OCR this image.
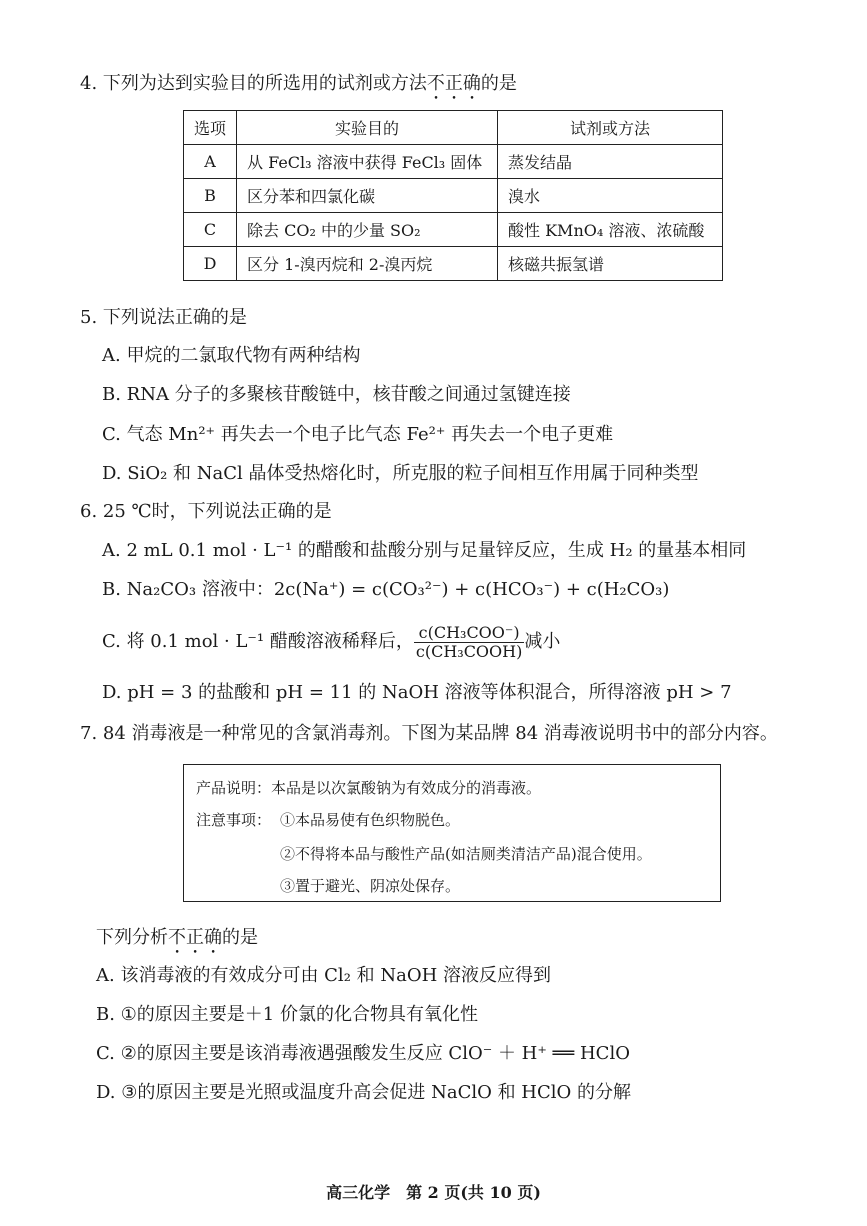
4. 下列为达到实验目的所选用的试剂或方法不正确的是
选项	实验目的	试剂或方法
A	从 FeCl₃ 溶液中获得 FeCl₃ 固体	蒸发结晶
B	区分苯和四氯化碳	溴水
C	除去 CO₂ 中的少量 SO₂	酸性 KMnO₄ 溶液、浓硫酸
D	区分 1-溴丙烷和 2-溴丙烷	核磁共振氢谱
5. 下列说法正确的是
A. 甲烷的二氯取代物有两种结构
B. RNA 分子的多聚核苷酸链中，核苷酸之间通过氢键连接
C. 气态 Mn²⁺ 再失去一个电子比气态 Fe²⁺ 再失去一个电子更难
D. SiO₂ 和 NaCl 晶体受热熔化时，所克服的粒子间相互作用属于同种类型
6. 25 ℃时，下列说法正确的是
A. 2 mL 0.1 mol · L⁻¹ 的醋酸和盐酸分别与足量锌反应，生成 H₂ 的量基本相同
B. Na₂CO₃ 溶液中：2c(Na⁺) = c(CO₃²⁻) + c(HCO₃⁻) + c(H₂CO₃)
C. 将 0.1 mol · L⁻¹ 醋酸溶液稀释后， $\frac{\text{c(CH₃COO⁻)}}{\text{c(CH₃COOH)}}$ 减小
D. pH = 3 的盐酸和 pH = 11 的 NaOH 溶液等体积混合，所得溶液 pH > 7
7. 84 消毒液是一种常见的含氯消毒剂。下图为某品牌 84 消毒液说明书中的部分内容。
产品说明：本品是以次氯酸钠为有效成分的消毒液。
注意事项： ①本品易使有色织物脱色。
②不得将本品与酸性产品(如洁厕类清洁产品)混合使用。
③置于避光、阴凉处保存。
下列分析不正确的是
A. 该消毒液的有效成分可由 Cl₂ 和 NaOH 溶液反应得到
B. ①的原因主要是＋1 价氯的化合物具有氧化性
C. ②的原因主要是该消毒液遇强酸发生反应 ClO⁻ ＋ H⁺ ══ HClO
D. ③的原因主要是光照或温度升高会促进 NaClO 和 HClO 的分解
高三化学　第 2 页(共 10 页)
